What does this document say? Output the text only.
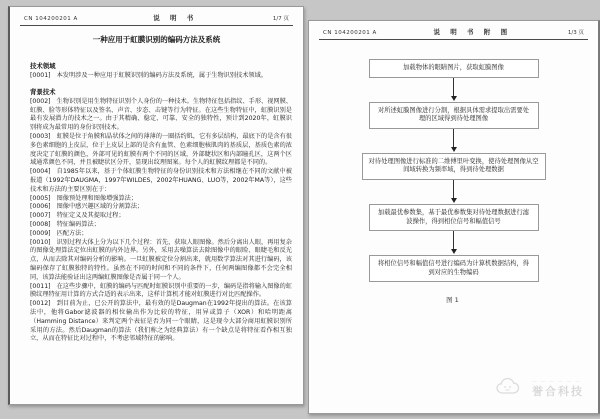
CN 104200201 A	说 明 书	1/7 页
一种应用于虹膜识别的编码方法及系统
技术领域

[0001] 本发明涉及一种应用于虹膜识别的编码方法及系统，属于生物识别技术领域。

背景技术

[0002] 生物识别是用生物特征识别个人身份的一种技术。生物特征包括指纹、手形、视网膜、虹膜、脸等形体特征以及签名、声音、步态、击键等行为特征。在这些生物特征中，虹膜识别是最有发展潜力的技术之一。由于其精确、稳定、可靠、安全的独特性，预计到2020年，虹膜识别将成为最常用的身份识别技术。

[0003] 虹膜是位于角膜和晶状体之间的薄薄的一圈括约肌，它有多层结构，最底下的是含有很多色素细胞的上皮层，位于上皮层上部的是含有血管、色素细胞核肌肉的基质层，基质色素的浓度决定了虹膜的颜色，外部可见的虹膜有两个不同的区域，外部睫状区和内部瞳孔区，这两个区域通常颜色不同，并且被睫状区分开，显现出纹理图案。每个人的虹膜纹理都是不同的。

[0004] 自1985年以来，基于个体虹膜生物特征的身份识别技术和方法相继在不同的文献中被报道（1992年DAUGMA，1997年WILDES，2002年HUANG、LUO等，2002年MA等），这些技术和方法的主要区别在于：

[0005] 图像预处理和图像增强算法；

[0006] 图像中感兴趣区域的分割算法；

[0007] 特征定义及其提取过程；

[0008] 特征编码算法；

[0009] 匹配方法；

[0010] 识别过程大体上分为以下几个过程：首先，获取人眼图像。然后分离出人眼，再用复杂的图像处理算法定位出虹膜的内外边界。另外，采用去噪算法去除图像中的眼睑、眼睫毛和反光点，从而去除其对编码分析的影响。一旦虹膜被定位分割出来，就用数学算法对其进行编码，该编码保存了虹膜独特的特性。虽然在不同的时间和不同的条件下，任何两编图像都不会完全相同，该算法能验证出这两编虹膜图像是否属于同一个人。

[0011] 在这些步骤中，虹膜的编码与匹配时虹膜识别中重要的一步，编码是指将输入图像的虹膜纹理特征用计算的方式合适的表示出来，这样计算机才能对虹膜进行对比匹配操作。

[0012] 到目前为止，已公开的算法中，最有效的是Daugman在1992年提出的算法。在该算法中，他将Gabor滤波器的相位输出作为比较的特征，用异或算子（XOR）和哈明距离（Hamming Distance）来判定两个表征是否为同一个眼睛，这是现今大部分商用虹膜识别所采用的方法。然后Daugman的算法（我们称之为经典算法）有一个缺点是将特征看作相互独立，从而在特征比对过程中，不考虑邻域特征的影响。

CN 104200201 A	说 明 书 附 图	1/3 页
加载物体的眼睛图片，获取虹膜图像
对所述虹膜图像进行分割，根据具体需求提取出需要处理的区域得到待处理图像
对待处理图像进行标准的二维傅里叶变换，使待处理图像从空间域转换为频率域，得到待处理数据
加载最优参数集，基于最优参数集对待处理数据进行滤波操作，得到相位信号和幅值信号
将相位信号和幅值信号进行编码为计算机数据结构，得到对应的生物编码
图1
— — — — — —
誉合科技
